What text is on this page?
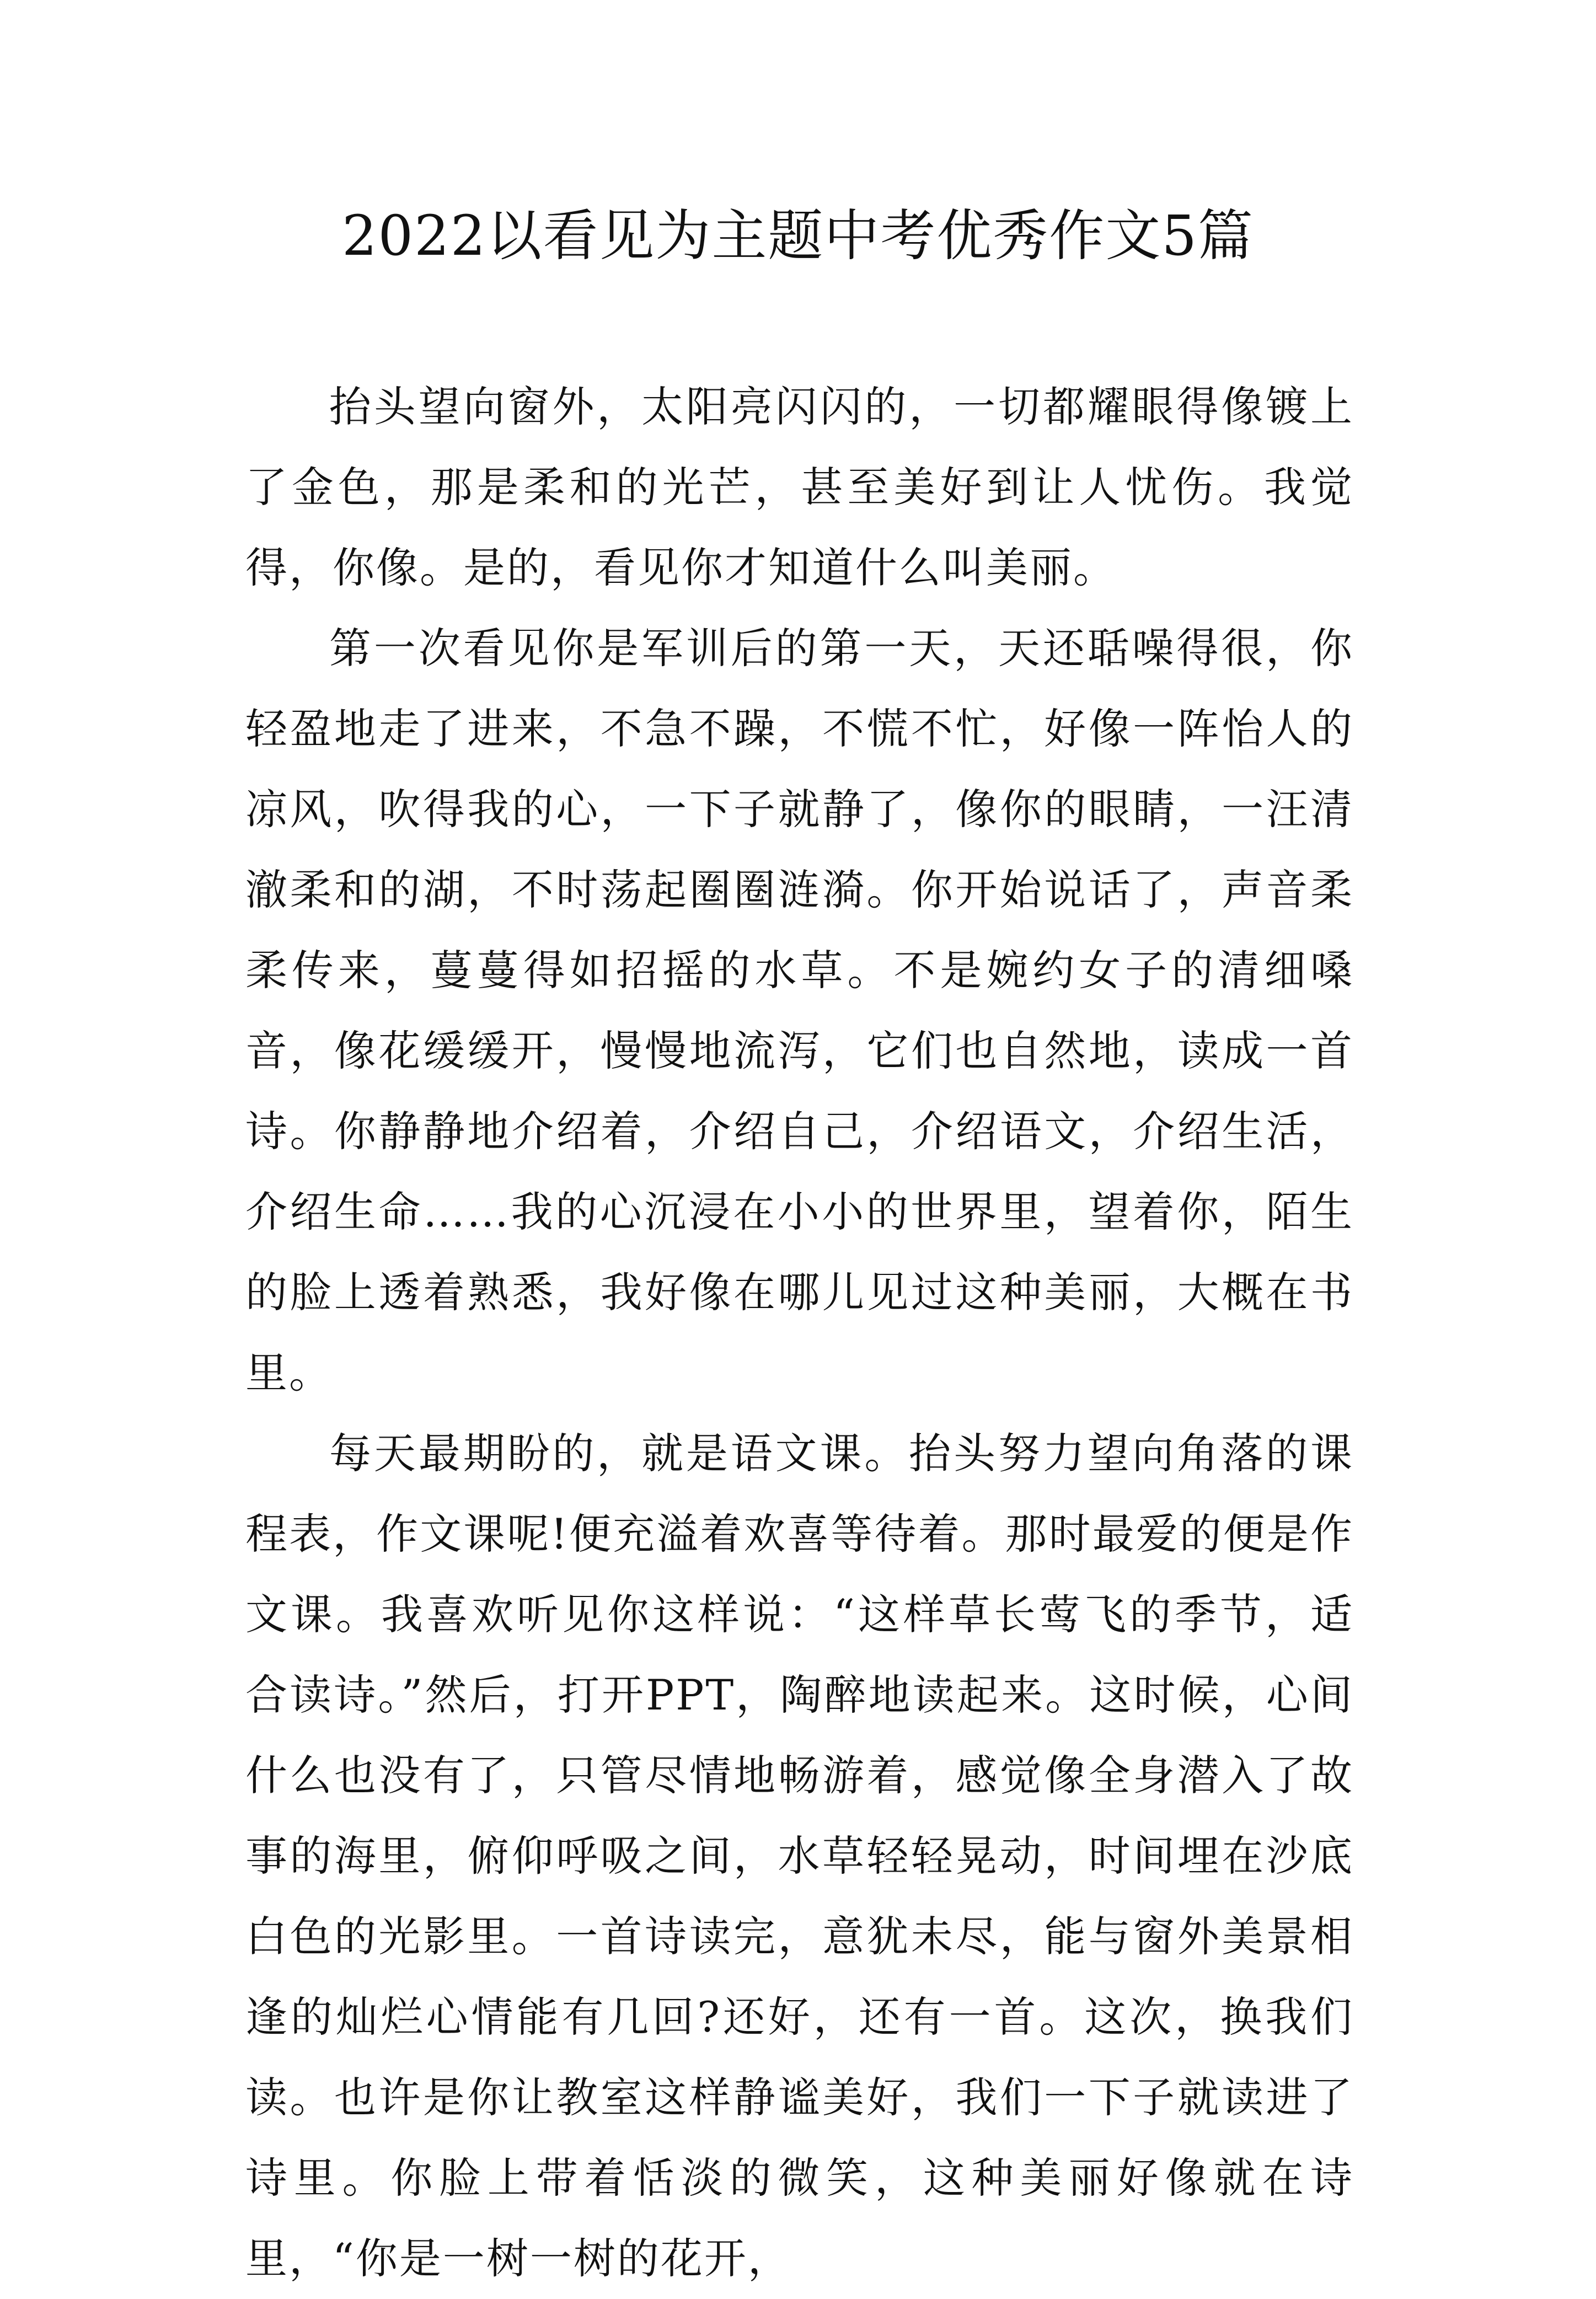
2022以看见为主题中考优秀作文5篇

抬头望向窗外，太阳亮闪闪的，一切都耀眼得像镀上了金色，那是柔和的光芒，甚至美好到让人忧伤。我觉得，你像。是的，看见你才知道什么叫美丽。

第一次看见你是军训后的第一天，天还聒噪得很，你轻盈地走了进来，不急不躁，不慌不忙，好像一阵怡人的凉风，吹得我的心，一下子就静了，像你的眼睛，一汪清澈柔和的湖，不时荡起圈圈涟漪。你开始说话了，声音柔柔传来，蔓蔓得如招摇的水草。不是婉约女子的清细嗓音，像花缓缓开，慢慢地流泻，它们也自然地，读成一首诗。你静静地介绍着，介绍自己，介绍语文，介绍生活，介绍生命……我的心沉浸在小小的世界里，望着你，陌生的脸上透着熟悉，我好像在哪儿见过这种美丽，大概在书里。

每天最期盼的，就是语文课。抬头努力望向角落的课程表，作文课呢!便充溢着欢喜等待着。那时最爱的便是作文课。我喜欢听见你这样说：“这样草长莺飞的季节，适合读诗。”然后，打开PPT，陶醉地读起来。这时候，心间什么也没有了，只管尽情地畅游着，感觉像全身潜入了故事的海里，俯仰呼吸之间，水草轻轻晃动，时间埋在沙底白色的光影里。一首诗读完，意犹未尽，能与窗外美景相逢的灿烂心情能有几回?还好，还有一首。这次，换我们读。也许是你让教室这样静谧美好，我们一下子就读进了诗里。你脸上带着恬淡的微笑，这种美丽好像就在诗里，“你是一树一树的花开，
